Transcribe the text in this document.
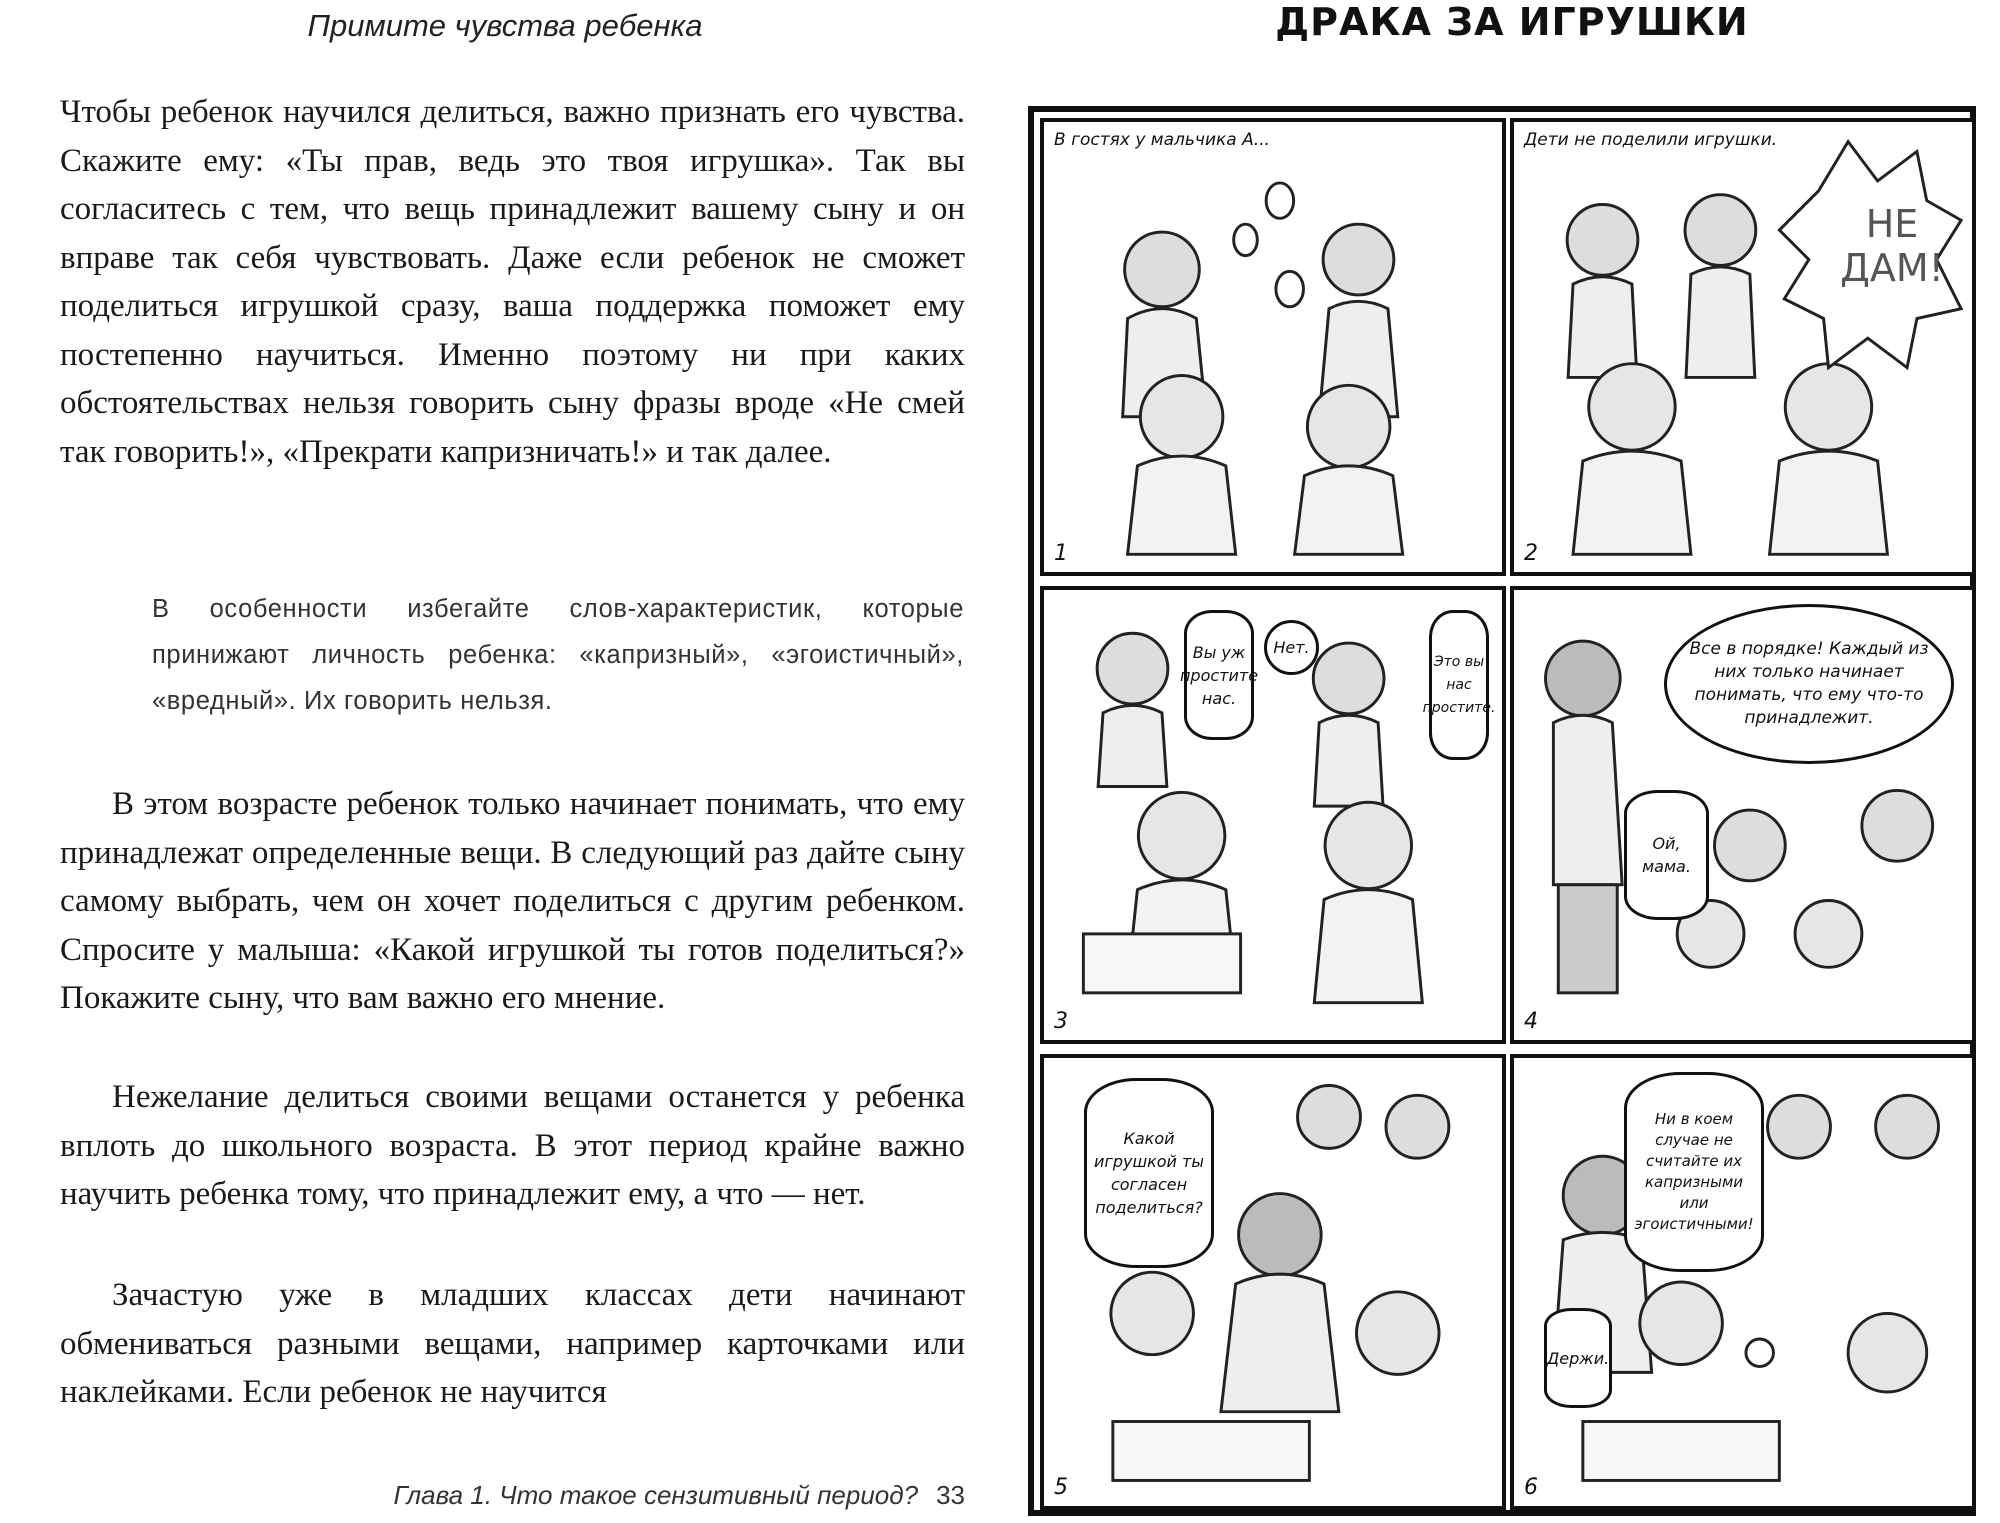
Примите чувства ребенка

Чтобы ребенок научился делиться, важно признать его чувства. Скажите ему: «Ты прав, ведь это твоя игрушка». Так вы согласитесь с тем, что вещь принадлежит вашему сыну и он вправе так себя чувствовать. Даже если ребенок не сможет поделиться игрушкой сразу, ваша поддержка поможет ему постепенно научиться. Именно поэтому ни при каких обстоятельствах нельзя говорить сыну фразы вроде «Не смей так говорить!», «Прекрати капризничать!» и так далее.

В особенности избегайте слов-характеристик, которые принижают личность ребенка: «капризный», «эгоистичный», «вредный». Их говорить нельзя.

В этом возрасте ребенок только начинает понимать, что ему принадлежат определенные вещи. В следующий раз дайте сыну самому выбрать, чем он хочет поделиться с другим ребенком. Спросите у малыша: «Какой игрушкой ты готов поделиться?» Покажите сыну, что вам важно его мнение.

Нежелание делиться своими вещами останется у ребенка вплоть до школьного возраста. В этот период крайне важно научить ребенка тому, что принадлежит ему, а что — нет.

Зачастую уже в младших классах дети начинают обмениваться разными вещами, например карточками или наклейками. Если ребенок не научится

Глава 1. Что такое сензитивный период? 33
ДРАКА ЗА ИГРУШКИ
В гостях у мальчика А...
1
Дети не поделили игрушки.
НЕ ДАМ!
2
Вы уж простите нас.
Нет.
Это вы нас простите.
3
Все в порядке! Каждый из них только начинает понимать, что ему что-то принадлежит.
Ой, мама.
4
Какой игрушкой ты согласен поделиться?
5
Ни в коем случае не считайте их капризными или эгоистичными!
Держи.
6
